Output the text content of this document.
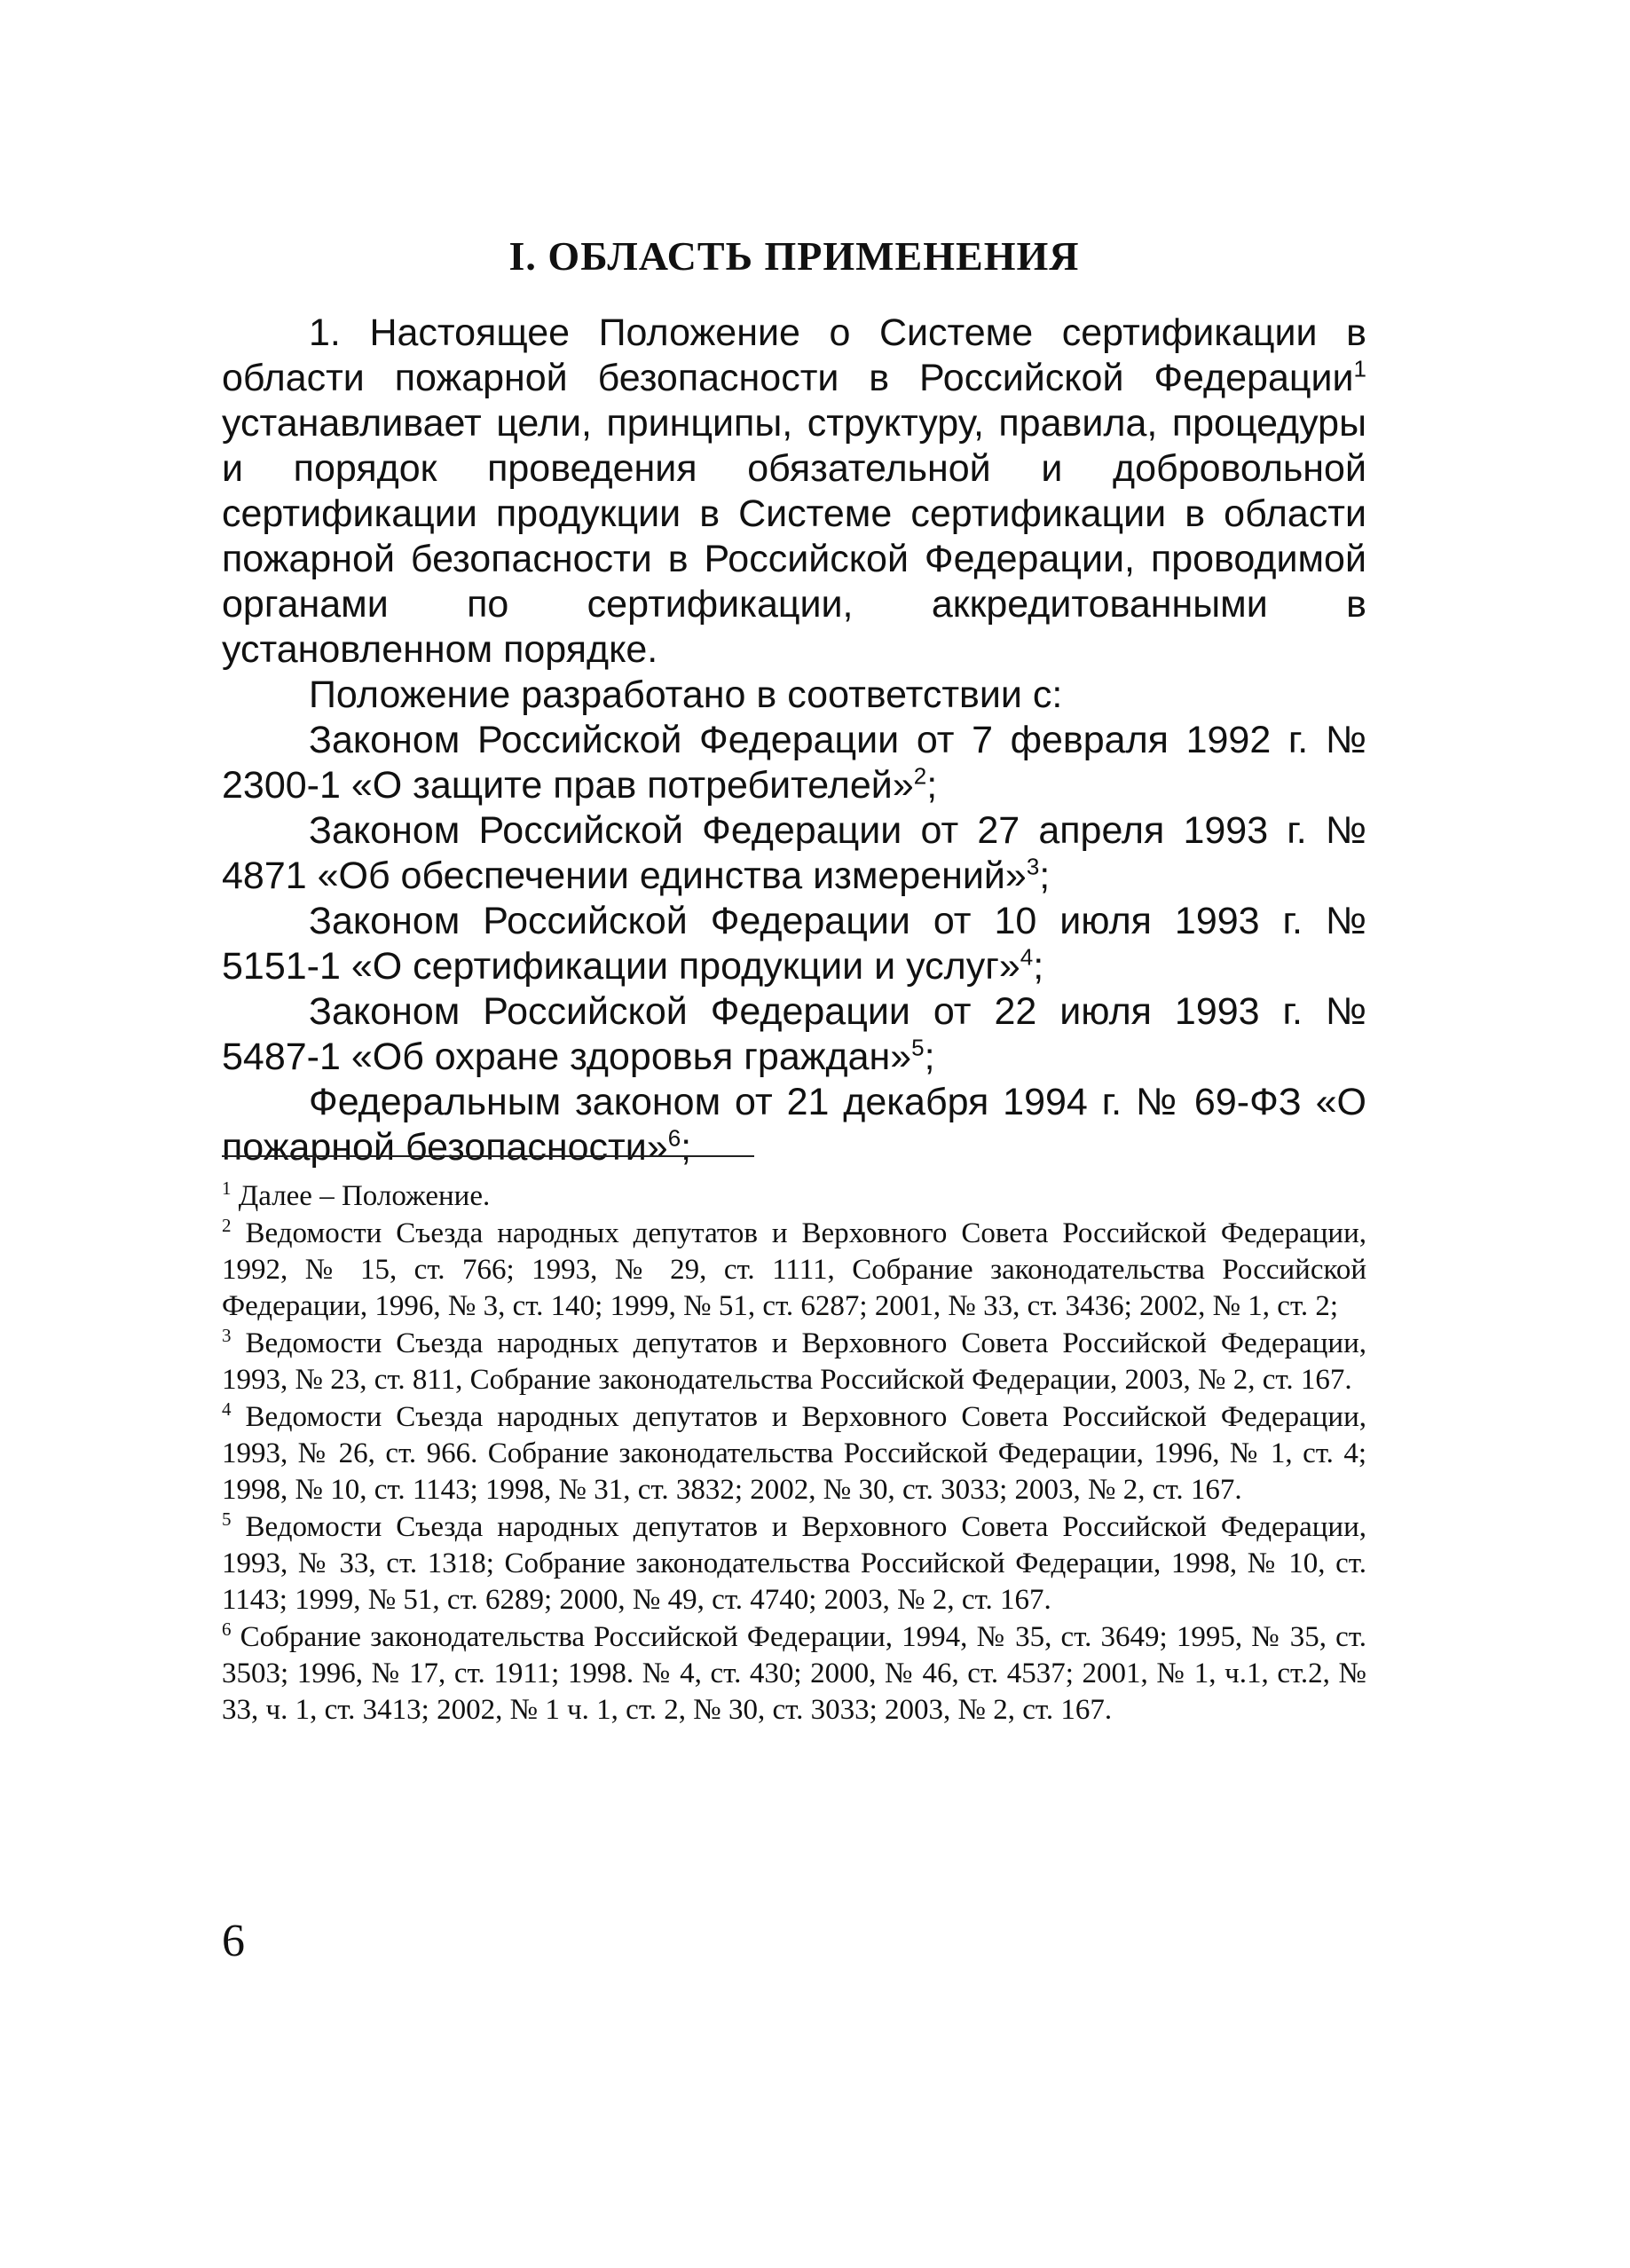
I. ОБЛАСТЬ ПРИМЕНЕНИЯ

1. Настоящее Положение о Системе сертификации в области пожарной безопасности в Российской Федерации$^1$ устанавливает цели, принципы, структуру, правила, процедуры и порядок проведения обязательной и добровольной сертификации продукции в Системе сертификации в области пожарной безопасности в Российской Федерации, проводимой органами по сертификации, аккредитованными в установленном порядке.

Положение разработано в соответствии с:

Законом Российской Федерации от 7 февраля 1992 г. № 2300-1 «О защите прав потребителей»$^2$;

Законом Российской Федерации от 27 апреля 1993 г. № 4871 «Об обеспечении единства измерений»$^3$;

Законом Российской Федерации от 10 июля 1993 г. № 5151-1 «О сертификации продукции и услуг»$^4$;

Законом Российской Федерации от 22 июля 1993 г. № 5487-1 «Об охране здоровья граждан»$^5$;

Федеральным законом от 21 декабря 1994 г. № 69-ФЗ «О пожарной безопасности»$^6$;

$^1$ Далее – Положение.

$^2$ Ведомости Съезда народных депутатов и Верховного Совета Российской Федерации, 1992, № 15, ст. 766; 1993, № 29, ст. 1111, Собрание законодательства Российской Федерации, 1996, № 3, ст. 140; 1999, № 51, ст. 6287; 2001, № 33, ст. 3436; 2002, № 1, ст. 2;

$^3$ Ведомости Съезда народных депутатов и Верховного Совета Российской Федерации, 1993, № 23, ст. 811, Собрание законодательства Российской Федерации, 2003, № 2, ст. 167.

$^4$ Ведомости Съезда народных депутатов и Верховного Совета Российской Федерации, 1993, № 26, ст. 966. Собрание законодательства Российской Федерации, 1996, № 1, ст. 4; 1998, № 10, ст. 1143; 1998, № 31, ст. 3832; 2002, № 30, ст. 3033; 2003, № 2, ст. 167.

$^5$ Ведомости Съезда народных депутатов и Верховного Совета Российской Федерации, 1993, № 33, ст. 1318; Собрание законодательства Российской Федерации, 1998, № 10, ст. 1143; 1999, № 51, ст. 6289; 2000, № 49, ст. 4740; 2003, № 2, ст. 167.

$^6$ Собрание законодательства Российской Федерации, 1994, № 35, ст. 3649; 1995, № 35, ст. 3503; 1996, № 17, ст. 1911; 1998. № 4, ст. 430; 2000, № 46, ст. 4537; 2001, № 1, ч.1, ст.2, № 33, ч. 1, ст. 3413; 2002, № 1 ч. 1, ст. 2, № 30, ст. 3033; 2003, № 2, ст. 167.

6
